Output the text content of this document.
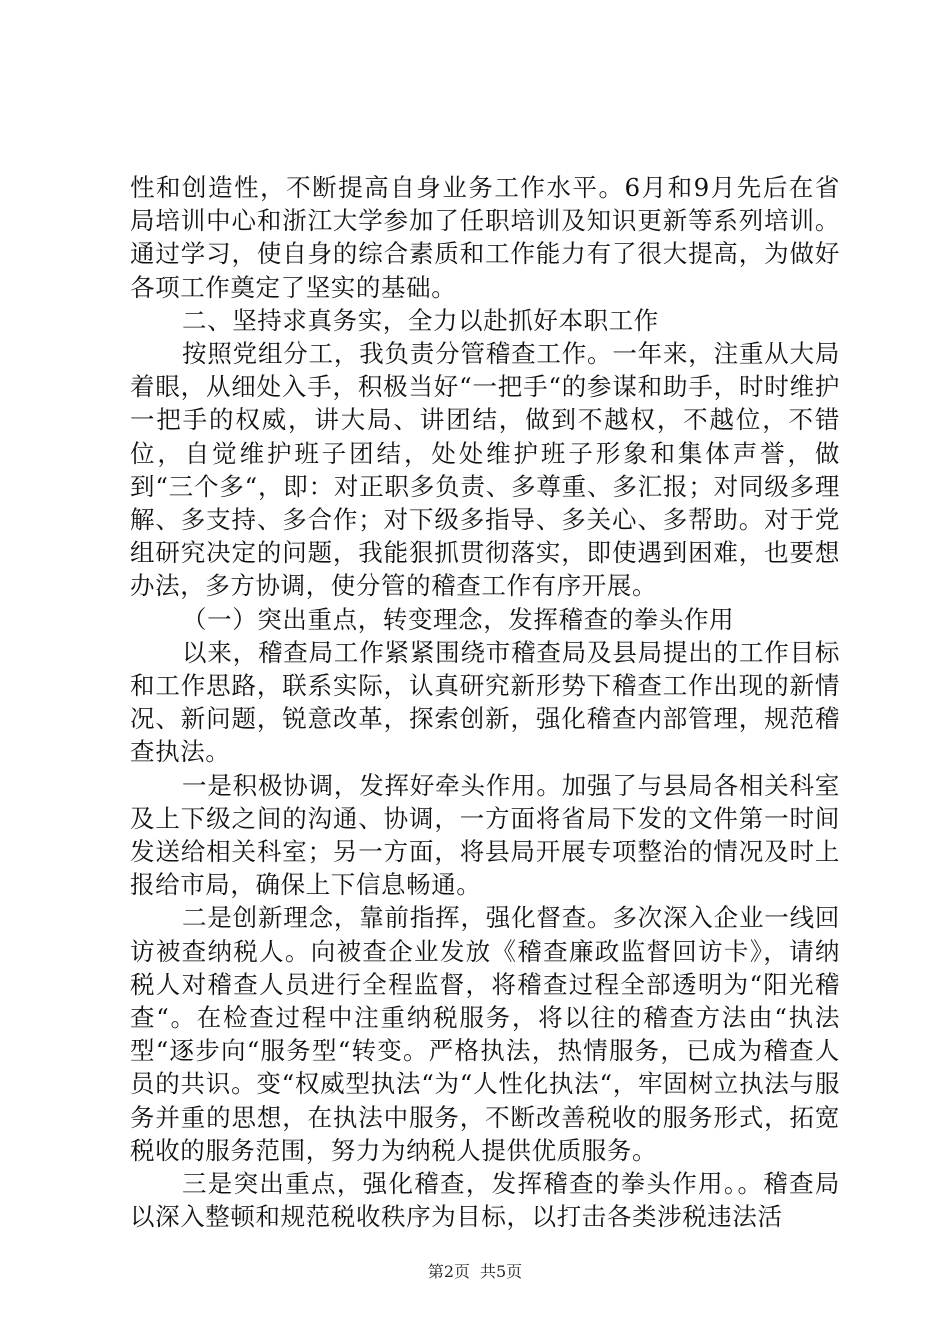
性和创造性，不断提高自身业务工作水平。6月和9月先后在省局培训中心和浙江大学参加了任职培训及知识更新等系列培训。通过学习，使自身的综合素质和工作能力有了很大提高，为做好各项工作奠定了坚实的基础。

二、坚持求真务实，全力以赴抓好本职工作

按照党组分工，我负责分管稽查工作。一年来，注重从大局着眼，从细处入手，积极当好“一把手“的参谋和助手，时时维护一把手的权威，讲大局、讲团结，做到不越权，不越位，不错位，自觉维护班子团结，处处维护班子形象和集体声誉，做到“三个多“，即：对正职多负责、多尊重、多汇报；对同级多理解、多支持、多合作；对下级多指导、多关心、多帮助。对于党组研究决定的问题，我能狠抓贯彻落实，即使遇到困难，也要想办法，多方协调，使分管的稽查工作有序开展。

（一）突出重点，转变理念，发挥稽查的拳头作用

以来，稽查局工作紧紧围绕市稽查局及县局提出的工作目标和工作思路，联系实际，认真研究新形势下稽查工作出现的新情况、新问题，锐意改革，探索创新，强化稽查内部管理，规范稽查执法。

一是积极协调，发挥好牵头作用。加强了与县局各相关科室及上下级之间的沟通、协调，一方面将省局下发的文件第一时间发送给相关科室；另一方面，将县局开展专项整治的情况及时上报给市局，确保上下信息畅通。

二是创新理念，靠前指挥，强化督查。多次深入企业一线回访被查纳税人。向被查企业发放《稽查廉政监督回访卡》，请纳税人对稽查人员进行全程监督，将稽查过程全部透明为“阳光稽查“。在检查过程中注重纳税服务，将以往的稽查方法由“执法型“逐步向“服务型“转变。严格执法，热情服务，已成为稽查人员的共识。变“权威型执法“为“人性化执法“，牢固树立执法与服务并重的思想，在执法中服务，不断改善税收的服务形式，拓宽税收的服务范围，努力为纳税人提供优质服务。

三是突出重点，强化稽查，发挥稽查的拳头作用。。稽查局以深入整顿和规范税收秩序为目标，以打击各类涉税违法活

第2页 共5页
